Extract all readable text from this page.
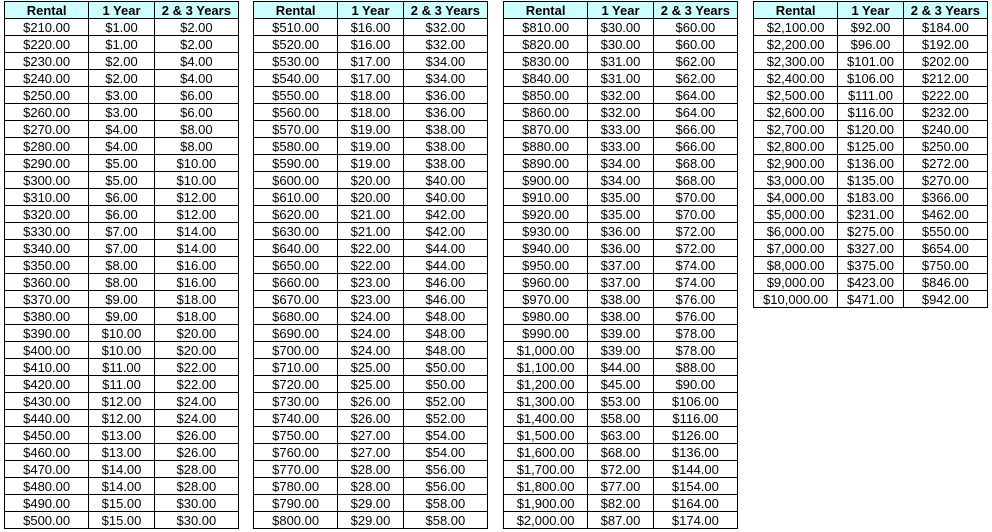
Rental	1 Year	2 & 3 Years
$210.00	$1.00	$2.00
$220.00	$1.00	$2.00
$230.00	$2.00	$4.00
$240.00	$2.00	$4.00
$250.00	$3.00	$6.00
$260.00	$3.00	$6.00
$270.00	$4.00	$8.00
$280.00	$4.00	$8.00
$290.00	$5.00	$10.00
$300.00	$5.00	$10.00
$310.00	$6.00	$12.00
$320.00	$6.00	$12.00
$330.00	$7.00	$14.00
$340.00	$7.00	$14.00
$350.00	$8.00	$16.00
$360.00	$8.00	$16.00
$370.00	$9.00	$18.00
$380.00	$9.00	$18.00
$390.00	$10.00	$20.00
$400.00	$10.00	$20.00
$410.00	$11.00	$22.00
$420.00	$11.00	$22.00
$430.00	$12.00	$24.00
$440.00	$12.00	$24.00
$450.00	$13.00	$26.00
$460.00	$13.00	$26.00
$470.00	$14.00	$28.00
$480.00	$14.00	$28.00
$490.00	$15.00	$30.00
$500.00	$15.00	$30.00
Rental	1 Year	2 & 3 Years
$510.00	$16.00	$32.00
$520.00	$16.00	$32.00
$530.00	$17.00	$34.00
$540.00	$17.00	$34.00
$550.00	$18.00	$36.00
$560.00	$18.00	$36.00
$570.00	$19.00	$38.00
$580.00	$19.00	$38.00
$590.00	$19.00	$38.00
$600.00	$20.00	$40.00
$610.00	$20.00	$40.00
$620.00	$21.00	$42.00
$630.00	$21.00	$42.00
$640.00	$22.00	$44.00
$650.00	$22.00	$44.00
$660.00	$23.00	$46.00
$670.00	$23.00	$46.00
$680.00	$24.00	$48.00
$690.00	$24.00	$48.00
$700.00	$24.00	$48.00
$710.00	$25.00	$50.00
$720.00	$25.00	$50.00
$730.00	$26.00	$52.00
$740.00	$26.00	$52.00
$750.00	$27.00	$54.00
$760.00	$27.00	$54.00
$770.00	$28.00	$56.00
$780.00	$28.00	$56.00
$790.00	$29.00	$58.00
$800.00	$29.00	$58.00
Rental	1 Year	2 & 3 Years
$810.00	$30.00	$60.00
$820.00	$30.00	$60.00
$830.00	$31.00	$62.00
$840.00	$31.00	$62.00
$850.00	$32.00	$64.00
$860.00	$32.00	$64.00
$870.00	$33.00	$66.00
$880.00	$33.00	$66.00
$890.00	$34.00	$68.00
$900.00	$34.00	$68.00
$910.00	$35.00	$70.00
$920.00	$35.00	$70.00
$930.00	$36.00	$72.00
$940.00	$36.00	$72.00
$950.00	$37.00	$74.00
$960.00	$37.00	$74.00
$970.00	$38.00	$76.00
$980.00	$38.00	$76.00
$990.00	$39.00	$78.00
$1,000.00	$39.00	$78.00
$1,100.00	$44.00	$88.00
$1,200.00	$45.00	$90.00
$1,300.00	$53.00	$106.00
$1,400.00	$58.00	$116.00
$1,500.00	$63.00	$126.00
$1,600.00	$68.00	$136.00
$1,700.00	$72.00	$144.00
$1,800.00	$77.00	$154.00
$1,900.00	$82.00	$164.00
$2,000.00	$87.00	$174.00
Rental	1 Year	2 & 3 Years
$2,100.00	$92.00	$184.00
$2,200.00	$96.00	$192.00
$2,300.00	$101.00	$202.00
$2,400.00	$106.00	$212.00
$2,500.00	$111.00	$222.00
$2,600.00	$116.00	$232.00
$2,700.00	$120.00	$240.00
$2,800.00	$125.00	$250.00
$2,900.00	$136.00	$272.00
$3,000.00	$135.00	$270.00
$4,000.00	$183.00	$366.00
$5,000.00	$231.00	$462.00
$6,000.00	$275.00	$550.00
$7,000.00	$327.00	$654.00
$8,000.00	$375.00	$750.00
$9,000.00	$423.00	$846.00
$10,000.00	$471.00	$942.00
